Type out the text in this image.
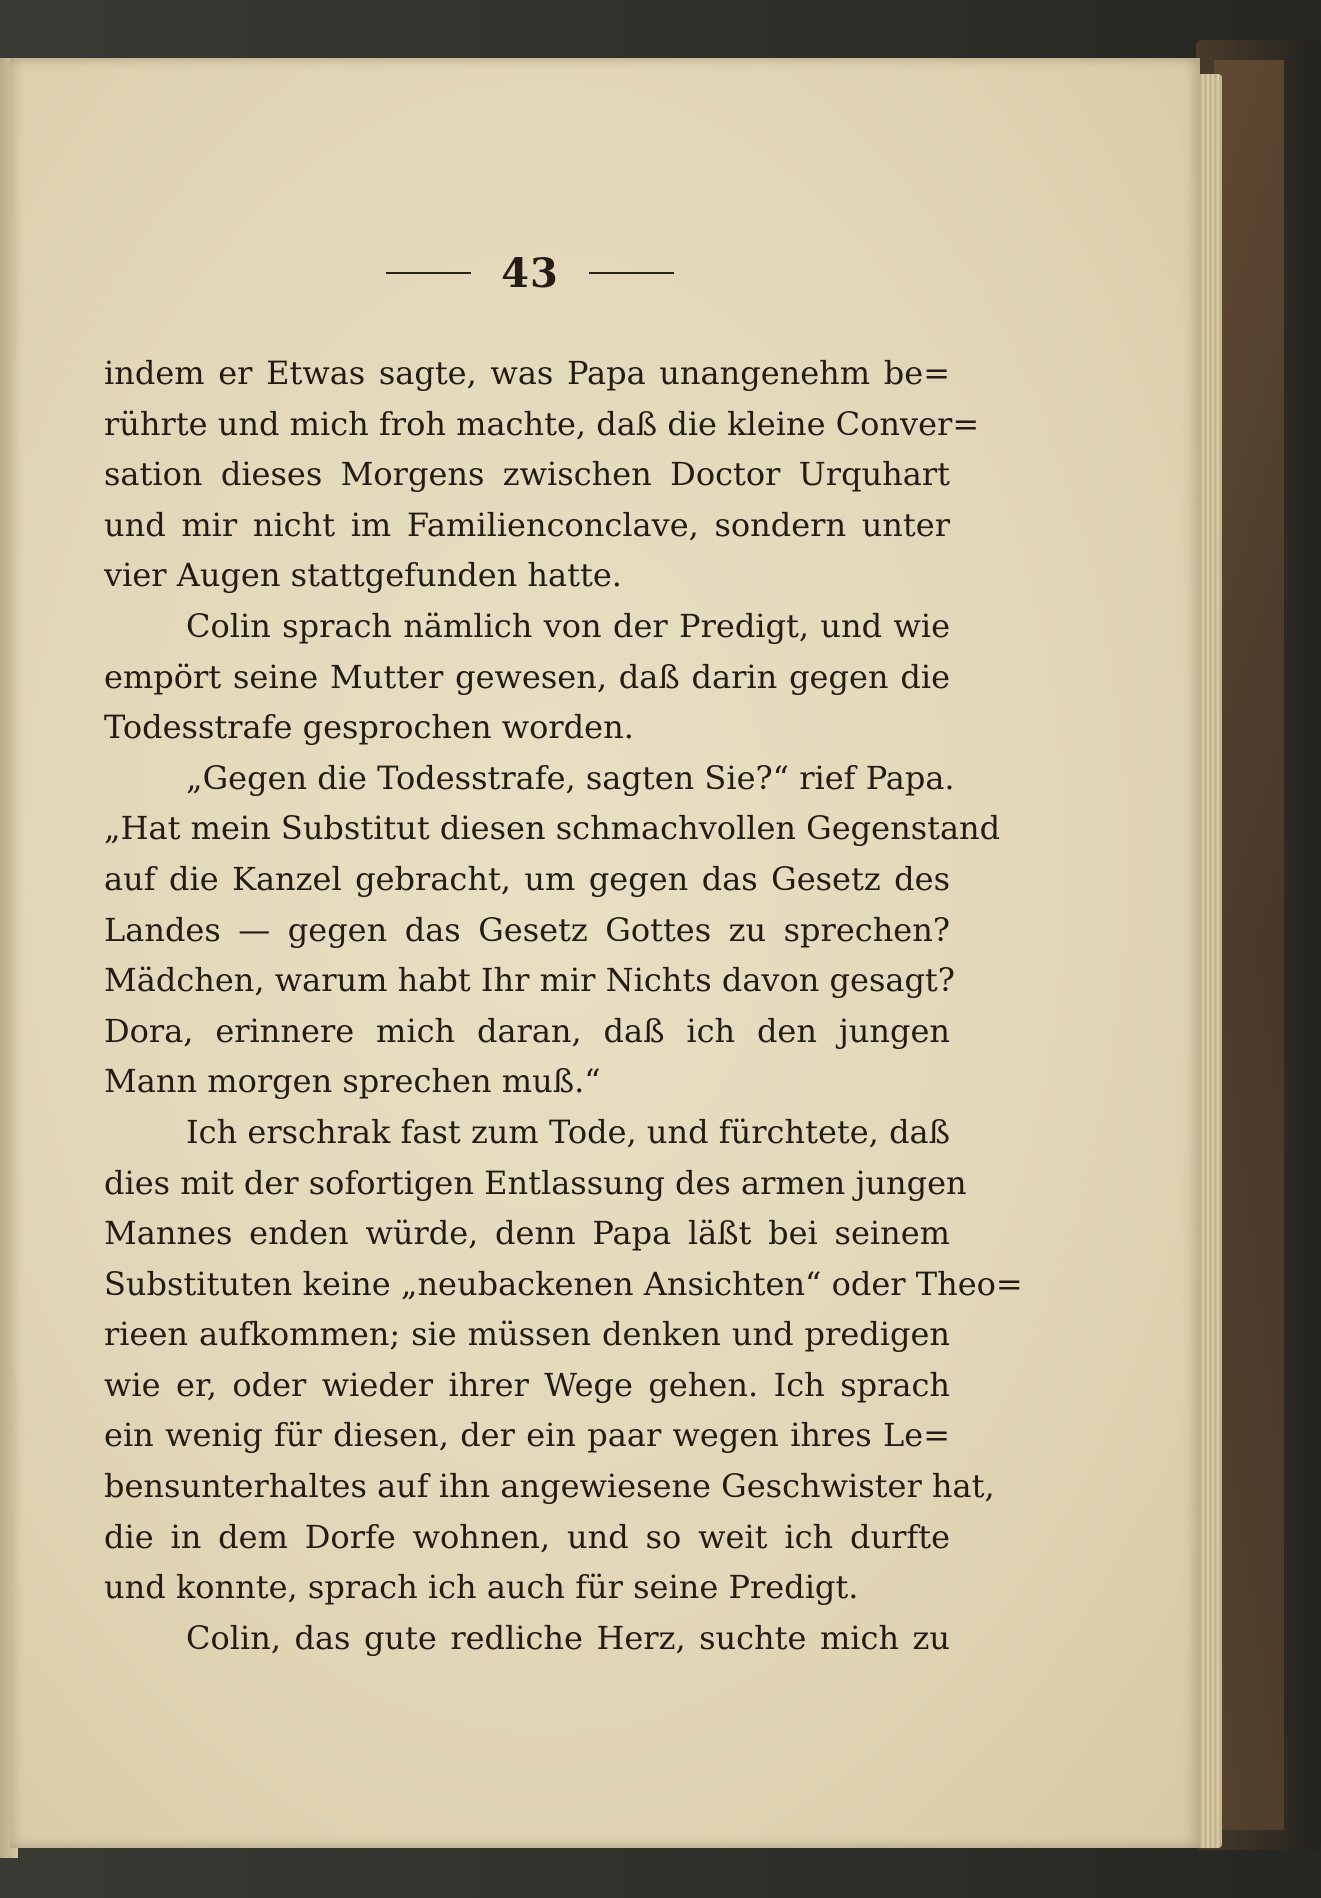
43
indem er Etwas sagte, was Papa unangenehm be=
rührte und mich froh machte, daß die kleine Conver=
sation dieses Morgens zwischen Doctor Urquhart
und mir nicht im Familienconclave, sondern unter
vier Augen stattgefunden hatte.
Colin sprach nämlich von der Predigt, und wie
empört seine Mutter gewesen, daß darin gegen die
Todesstrafe gesprochen worden.
„Gegen die Todesstrafe, sagten Sie?“ rief Papa.
„Hat mein Substitut diesen schmachvollen Gegenstand
auf die Kanzel gebracht, um gegen das Gesetz des
Landes — gegen das Gesetz Gottes zu sprechen?
Mädchen, warum habt Ihr mir Nichts davon gesagt?
Dora, erinnere mich daran, daß ich den jungen
Mann morgen sprechen muß.“
Ich erschrak fast zum Tode, und fürchtete, daß
dies mit der sofortigen Entlassung des armen jungen
Mannes enden würde, denn Papa läßt bei seinem
Substituten keine „neubackenen Ansichten“ oder Theo=
rieen aufkommen; sie müssen denken und predigen
wie er, oder wieder ihrer Wege gehen. Ich sprach
ein wenig für diesen, der ein paar wegen ihres Le=
bensunterhaltes auf ihn angewiesene Geschwister hat,
die in dem Dorfe wohnen, und so weit ich durfte
und konnte, sprach ich auch für seine Predigt.
Colin, das gute redliche Herz, suchte mich zu
